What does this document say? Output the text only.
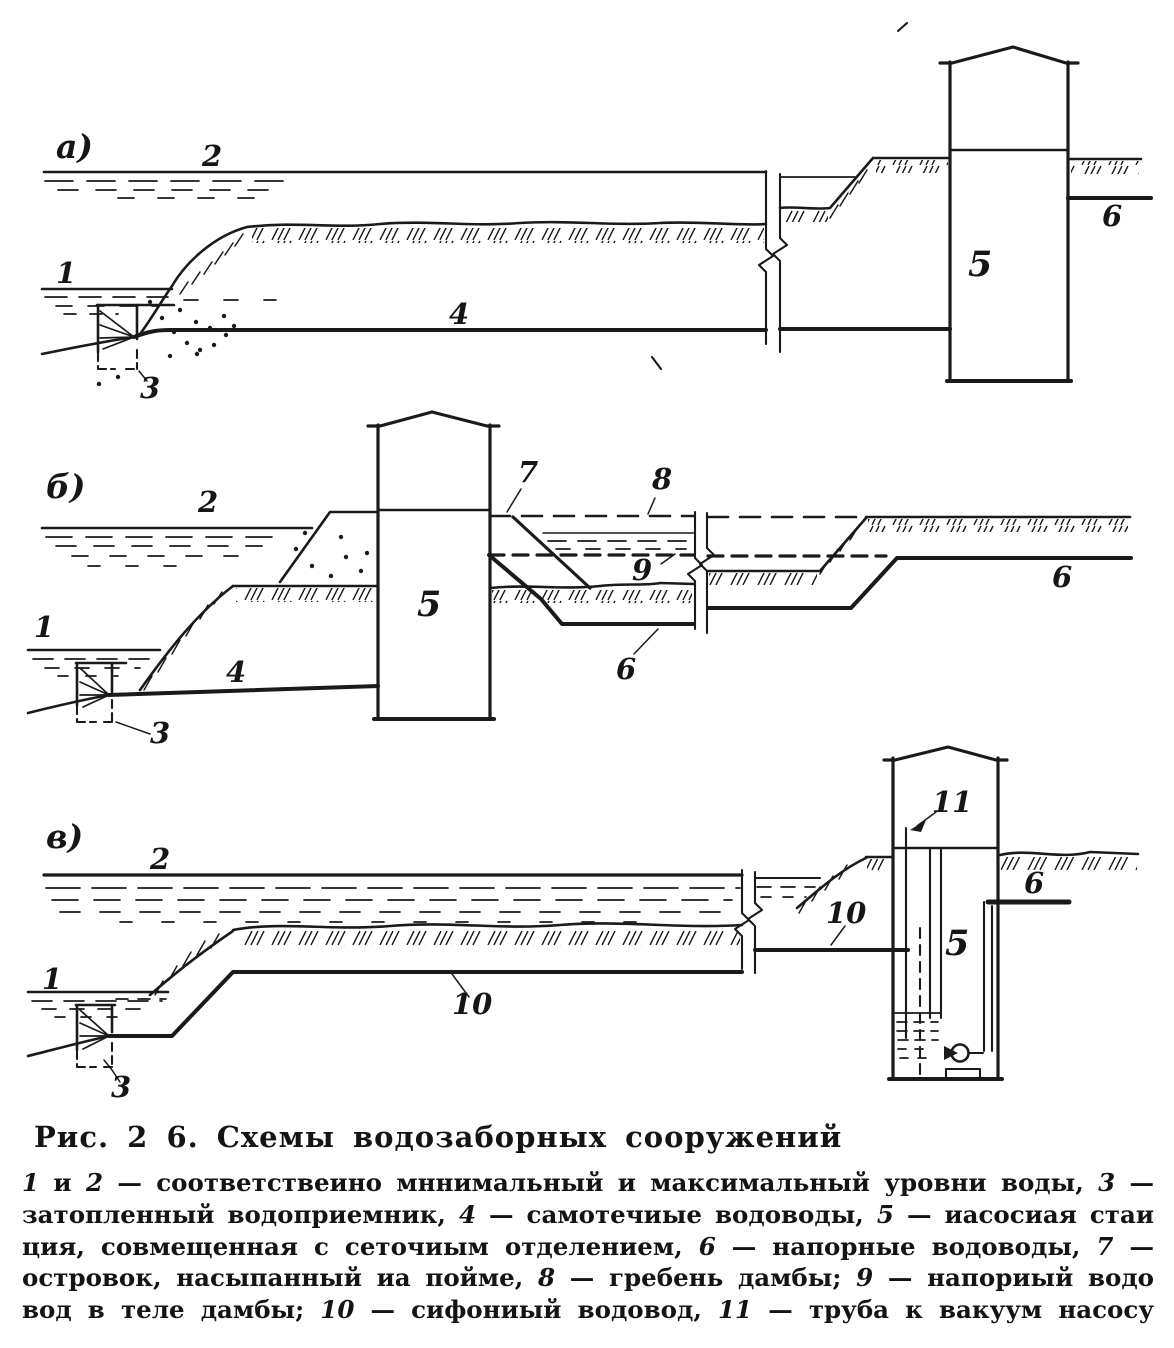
а)	2
1
3
4
5
6
б)	2
1
3
4
5
8
7
9
6
6
в)
2
1
3
10
10
5
11
6
Рис. 2 6. Схемы водозаборных сооружений
1 и 2 — соответствеино мннимальный и максимальный уровни воды, 3 —
затопленный водоприемник, 4 — самотечиые водоводы, 5 — иасосиая стаи
ция, совмещенная с сеточиым отделением, 6 — напорные водоводы, 7 —
островок, насыпанный иа пойме, 8 — гребень дамбы; 9 — напориый водо
вод в теле дамбы; 10 — сифониый водовод, 11 — труба к вакуум насосу
